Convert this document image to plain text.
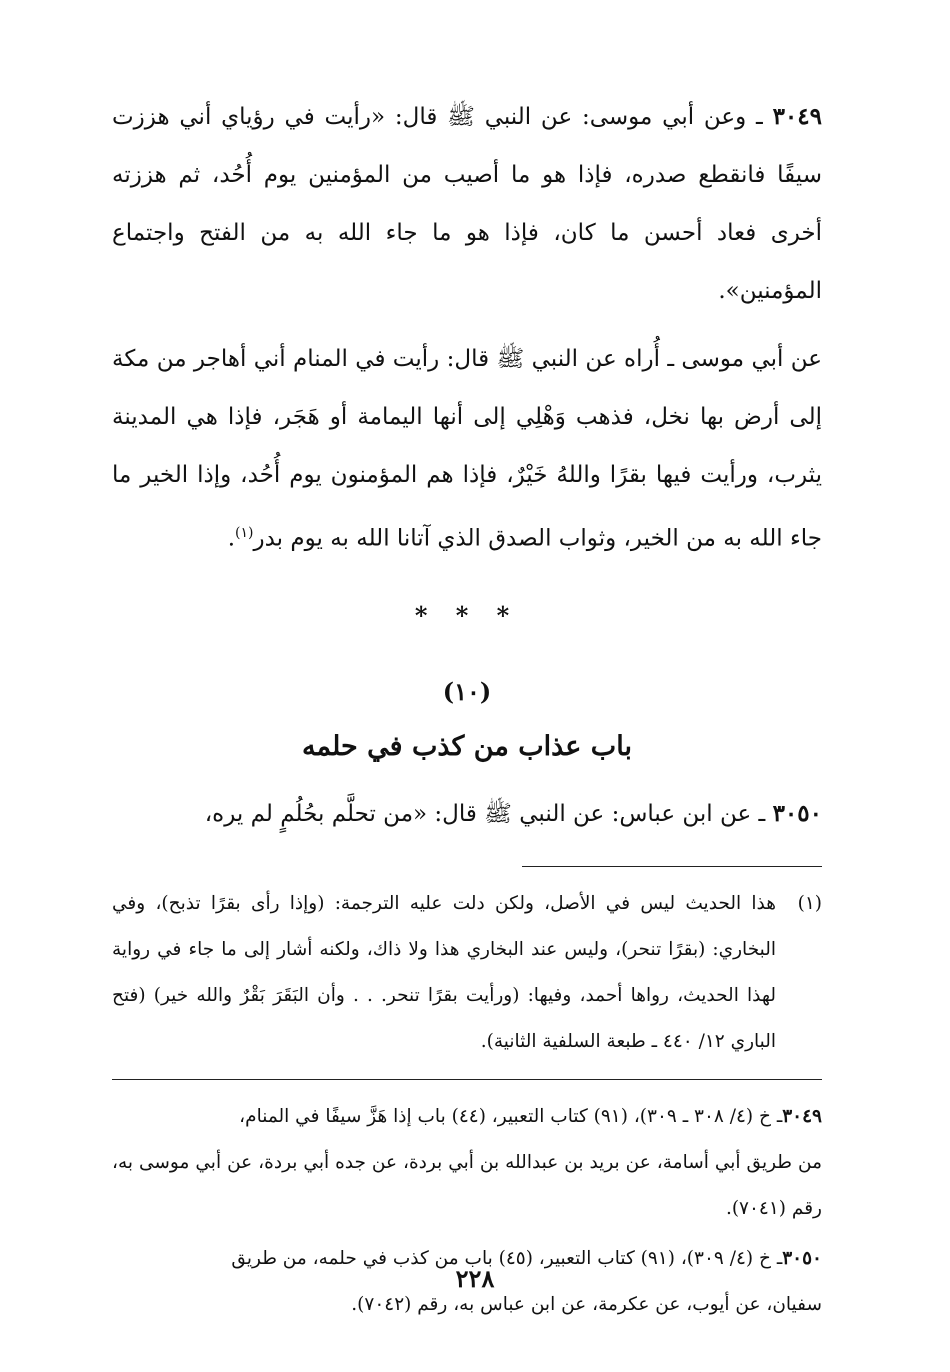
٣٠٤٩ ـ وعن أبي موسى: عن النبي ﷺ قال: «رأيت في رؤياي أني هززت سيفًا فانقطع صدره، فإذا هو ما أصيب من المؤمنين يوم أُحُد، ثم هززته أخرى فعاد أحسن ما كان، فإذا هو ما جاء الله به من الفتح واجتماع المؤمنين».

عن أبي موسى ـ أُراه عن النبي ﷺ قال: رأيت في المنام أني أهاجر من مكة إلى أرض بها نخل، فذهب وَهْلِي إلى أنها اليمامة أو هَجَر، فإذا هي المدينة يثرب، ورأيت فيها بقرًا واللهُ خَيْرٌ، فإذا هم المؤمنون يوم أُحُد، وإذا الخير ما جاء الله به من الخير، وثواب الصدق الذي آتانا الله به يوم بدر$^{(١)}$.

* * *
(١٠)
باب عذاب من كذب في حلمه
٣٠٥٠ ـ عن ابن عباس: عن النبي ﷺ قال: «من تحلَّم بحُلُمٍ لم يره،
(١)

هذا الحديث ليس في الأصل، ولكن دلت عليه الترجمة: (وإذا رأى بقرًا تذبح)، وفي البخاري: (بقرًا تنحر)، وليس عند البخاري هذا ولا ذاك، ولكنه أشار إلى ما جاء في رواية لهذا الحديث، رواها أحمد، وفيها: (ورأيت بقرًا تنحر. . . وأن البَقَرَ بَقْرٌ والله خير) (فتح الباري ١٢/ ٤٤٠ ـ طبعة السلفية الثانية).

٣٠٤٩ـ خ (٤/ ٣٠٨ ـ ٣٠٩)، (٩١) كتاب التعبير، (٤٤) باب إذا هَزَّ سيفًا في المنام،

من طريق أبي أسامة، عن بريد بن عبدالله بن أبي بردة، عن جده أبي بردة، عن أبي موسى به، رقم (٧٠٤١).

٣٠٥٠ـ خ (٤/ ٣٠٩)، (٩١) كتاب التعبير، (٤٥) باب من كذب في حلمه، من طريق

سفيان، عن أيوب، عن عكرمة، عن ابن عباس به، رقم (٧٠٤٢).

٢٢٨
